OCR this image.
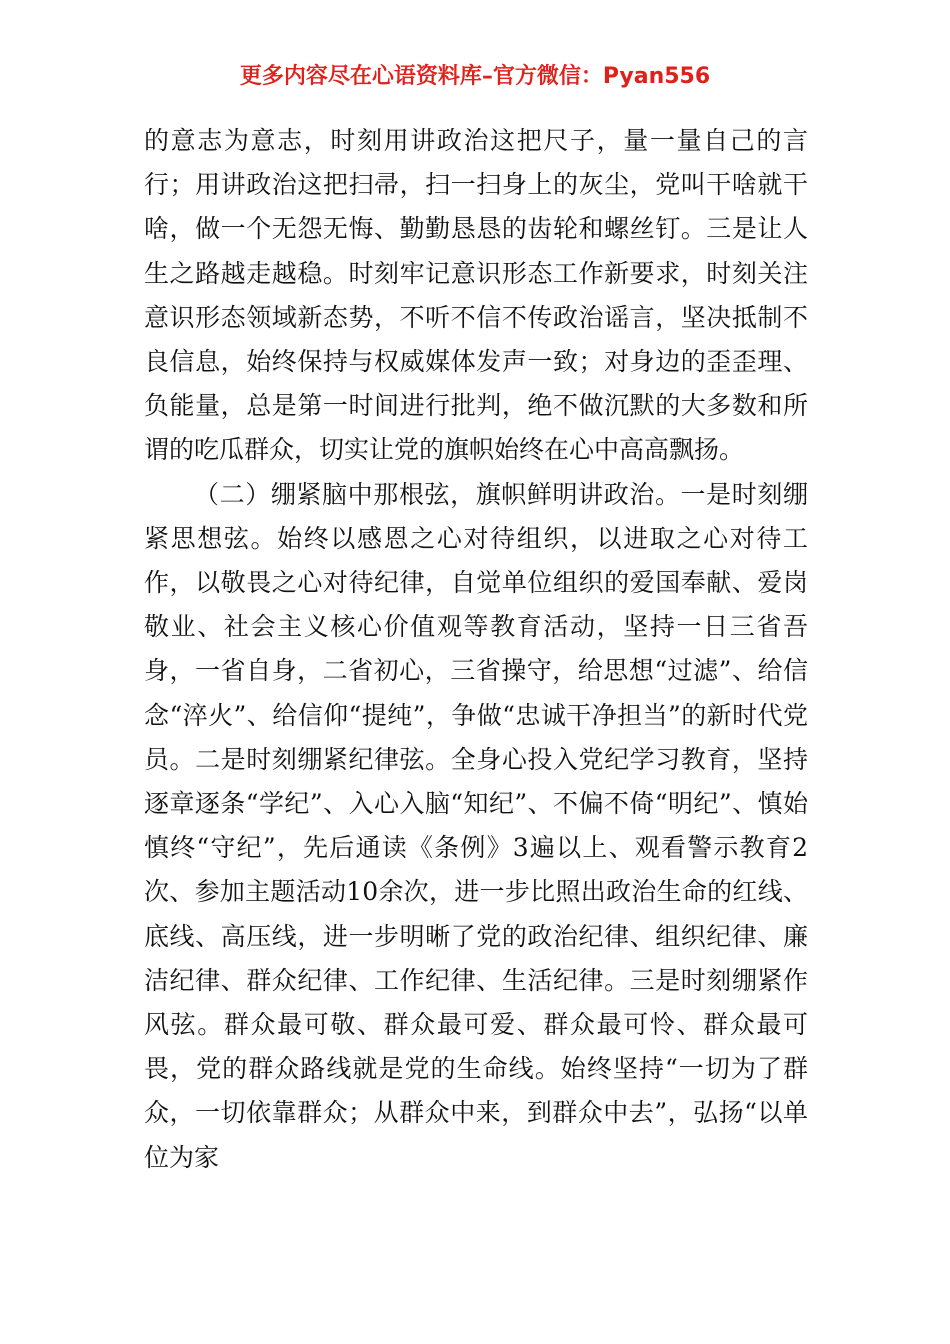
更多内容尽在心语资料库–官方微信：Pyan556

的意志为意志，时刻用讲政治这把尺子，量一量自己的言行；用讲政治这把扫帚，扫一扫身上的灰尘，党叫干啥就干啥，做一个无怨无悔、勤勤恳恳的齿轮和螺丝钉。三是让人生之路越走越稳。时刻牢记意识形态工作新要求，时刻关注意识形态领域新态势，不听不信不传政治谣言，坚决抵制不良信息，始终保持与权威媒体发声一致；对身边的歪歪理、负能量，总是第一时间进行批判，绝不做沉默的大多数和所谓的吃瓜群众，切实让党的旗帜始终在心中高高飘扬。

（二）绷紧脑中那根弦，旗帜鲜明讲政治。一是时刻绷紧思想弦。始终以感恩之心对待组织，以进取之心对待工作，以敬畏之心对待纪律，自觉单位组织的爱国奉献、爱岗敬业、社会主义核心价值观等教育活动，坚持一日三省吾身，一省自身，二省初心，三省操守，给思想“过滤”、给信念“淬火”、给信仰“提纯”，争做“忠诚干净担当”的新时代党员。二是时刻绷紧纪律弦。全身心投入党纪学习教育，坚持逐章逐条“学纪”、入心入脑“知纪”、不偏不倚“明纪”、慎始慎终“守纪”，先后通读《条例》3遍以上、观看警示教育2次、参加主题活动10余次，进一步比照出政治生命的红线、底线、高压线，进一步明晰了党的政治纪律、组织纪律、廉洁纪律、群众纪律、工作纪律、生活纪律。三是时刻绷紧作风弦。群众最可敬、群众最可爱、群众最可怜、群众最可畏，党的群众路线就是党的生命线。始终坚持“一切为了群众，一切依靠群众；从群众中来，到群众中去”，弘扬“以单位为家
